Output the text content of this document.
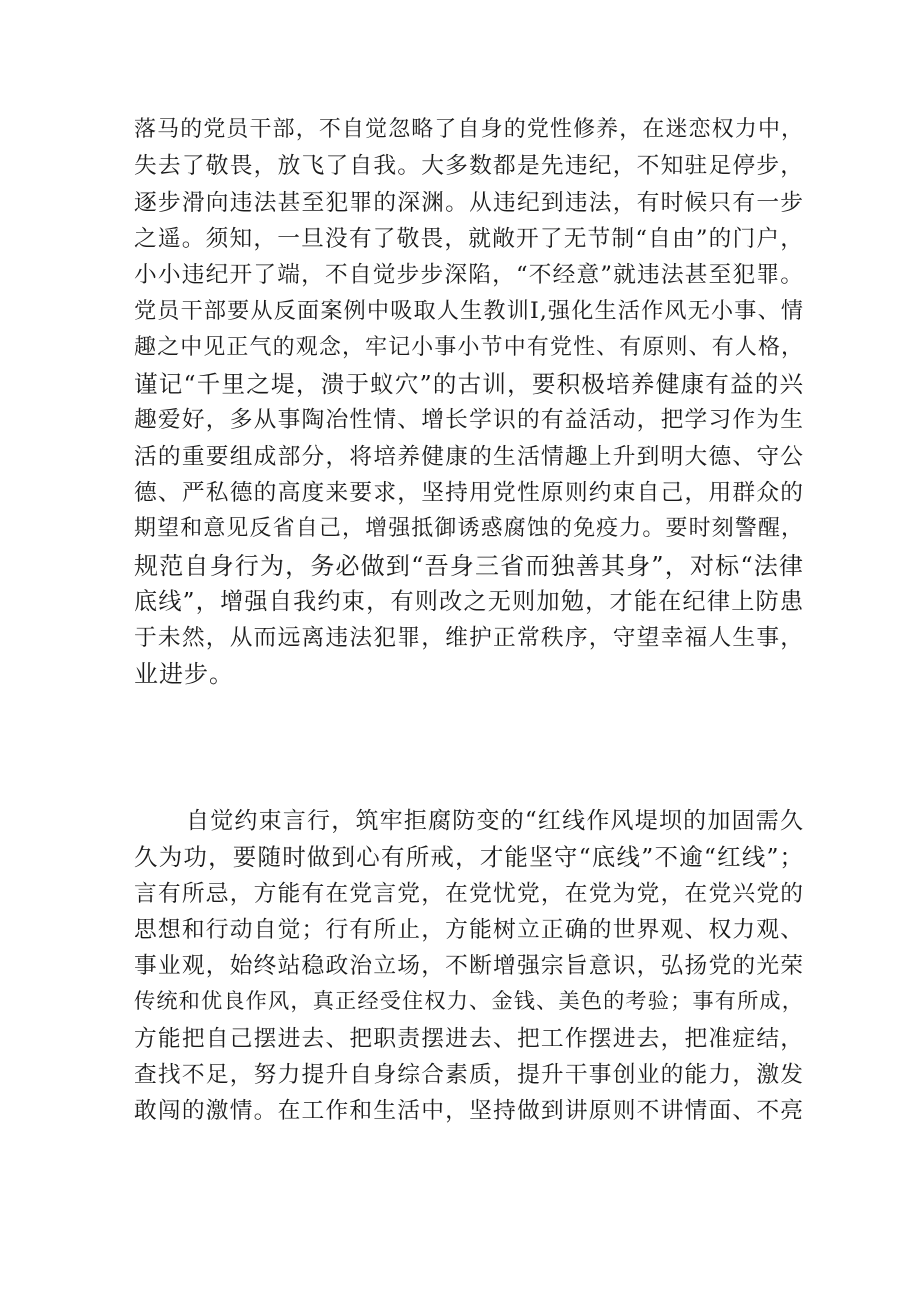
落马的党员干部，不自觉忽略了自身的党性修养，在迷恋权力中，
失去了敬畏，放飞了自我。大多数都是先违纪，不知驻足停步，
逐步滑向违法甚至犯罪的深渊。从违纪到违法，有时候只有一步
之遥。须知，一旦没有了敬畏，就敞开了无节制“自由”的门户，
小小违纪开了端，不自觉步步深陷，“不经意”就违法甚至犯罪。
党员干部要从反面案例中吸取人生教训I,强化生活作风无小事、情
趣之中见正气的观念，牢记小事小节中有党性、有原则、有人格，
谨记“千里之堤，溃于蚁穴”的古训，要积极培养健康有益的兴
趣爱好，多从事陶冶性情、增长学识的有益活动，把学习作为生
活的重要组成部分，将培养健康的生活情趣上升到明大德、守公
德、严私德的高度来要求，坚持用党性原则约束自己，用群众的
期望和意见反省自己，增强抵御诱惑腐蚀的免疫力。要时刻警醒，
规范自身行为，务必做到“吾身三省而独善其身”，对标“法律
底线”，增强自我约束，有则改之无则加勉，才能在纪律上防患
于未然，从而远离违法犯罪，维护正常秩序，守望幸福人生事，
业进步。
自觉约束言行，筑牢拒腐防变的“红线作风堤坝的加固需久
久为功，要随时做到心有所戒，才能坚守“底线”不逾“红线”；
言有所忌，方能有在党言党，在党忧党，在党为党，在党兴党的
思想和行动自觉；行有所止，方能树立正确的世界观、权力观、
事业观，始终站稳政治立场，不断增强宗旨意识，弘扬党的光荣
传统和优良作风，真正经受住权力、金钱、美色的考验；事有所成，
方能把自己摆进去、把职责摆进去、把工作摆进去，把准症结，
查找不足，努力提升自身综合素质，提升干事创业的能力，激发
敢闯的激情。在工作和生活中，坚持做到讲原则不讲情面、不亮
